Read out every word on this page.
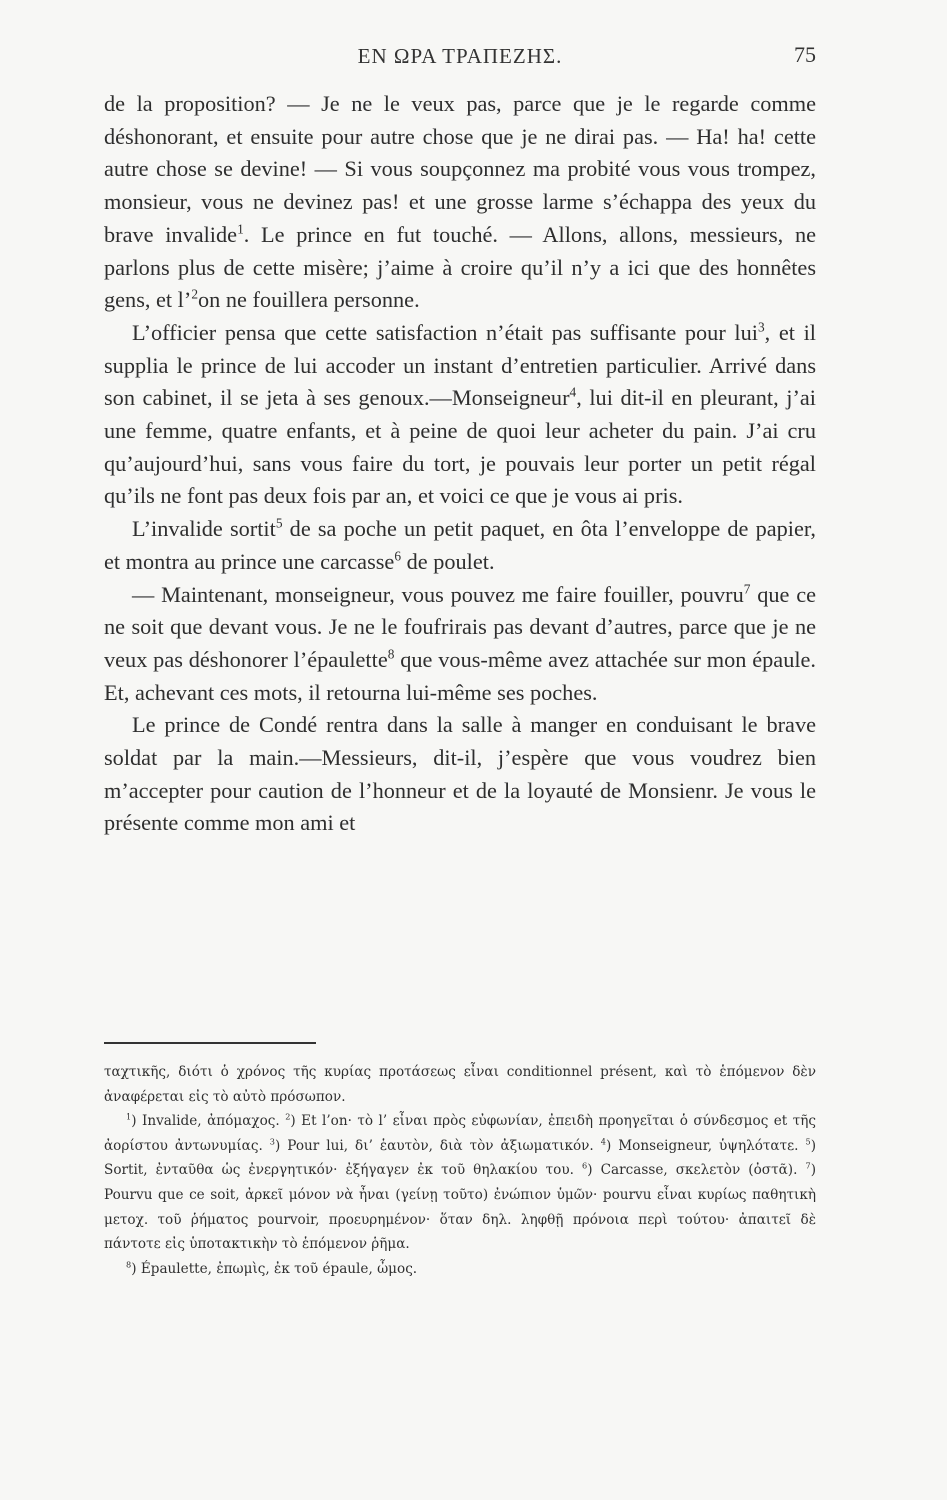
ΕΝ ΩΡΑ ΤΡΑΠΕΖΗΣ.	75

de la proposition? — Je ne le veux pas, parce que je le regarde comme déshonorant, et ensuite pour autre chose que je ne dirai pas. — Ha! ha! cette autre chose se devine! — Si vous soupçonnez ma probité vous vous trompez, monsieur, vous ne devinez pas! et une grosse larme s’échappa des yeux du brave invalide$^1$. Le prince en fut touché. — Allons, allons, messieurs, ne parlons plus de cette misère; j’aime à croire qu’il n’y a ici que des honnêtes gens, et l’$^2$on ne fouillera personne.

L’officier pensa que cette satisfaction n’était pas suffisante pour lui$^3$, et il supplia le prince de lui accoder un instant d’entretien particulier. Arrivé dans son cabinet, il se jeta à ses genoux.—Monseigneur$^4$, lui dit-il en pleurant, j’ai une femme, quatre enfants, et à peine de quoi leur acheter du pain. J’ai cru qu’aujourd’hui, sans vous faire du tort, je pouvais leur porter un petit régal qu’ils ne font pas deux fois par an, et voici ce que je vous ai pris.

L’invalide sortit$^5$ de sa poche un petit paquet, en ôta l’enveloppe de papier, et montra au prince une carcasse$^6$ de poulet.

— Maintenant, monseigneur, vous pouvez me faire fouiller, pouvru$^7$ que ce ne soit que devant vous. Je ne le foufrirais pas devant d’autres, parce que je ne veux pas déshonorer l’épaulette$^8$ que vous-même avez attachée sur mon épaule. Et, achevant ces mots, il retourna lui-même ses poches.

Le prince de Condé rentra dans la salle à manger en conduisant le brave soldat par la main.—Messieurs, dit-il, j’espère que vous voudrez bien m’accepter pour caution de l’honneur et de la loyauté de Monsienr. Je vous le présente comme mon ami et

ταχτικῆς, διότι ὁ χρόνος τῆς κυρίας προτάσεως εἶναι conditionnel présent, καὶ τὸ ἑπόμενον δὲν ἀναφέρεται εἰς τὸ αὐτὸ πρόσωπον.

$^1$) Invalide, ἀπόμαχος. $^2$) Et l’on· τὸ l’ εἶναι πρὸς εὐφωνίαν, ἐπειδὴ προηγεῖται ὁ σύνδεσμος et τῆς ἀορίστου ἀντωνυμίας. $^3$) Pour lui, δι’ ἑαυτὸν, διὰ τὸν ἀξιωματικόν. $^4$) Monseigneur, ὑψηλότατε. $^5$) Sortit, ἐνταῦθα ὡς ἐνεργητικόν· ἐξήγαγεν ἐκ τοῦ θηλακίου του. $^6$) Carcasse, σκελετὸν (ὀστᾶ). $^7$) Pourvu que ce soit, ἀρκεῖ μόνον νὰ ἦναι (γείνῃ τοῦτο) ἐνώπιον ὑμῶν· pourvu εἶναι κυρίως παθητικὴ μετοχ. τοῦ ῥήματος pourvoir, προευρημένον· ὅταν δηλ. ληφθῇ πρόνοια περὶ τούτου· ἀπαιτεῖ δὲ πάντοτε εἰς ὑποτακτικὴν τὸ ἑπόμενον ῥῆμα.

$^8$) Épaulette, ἐπωμὶς, ἐκ τοῦ épaule, ὦμος.
